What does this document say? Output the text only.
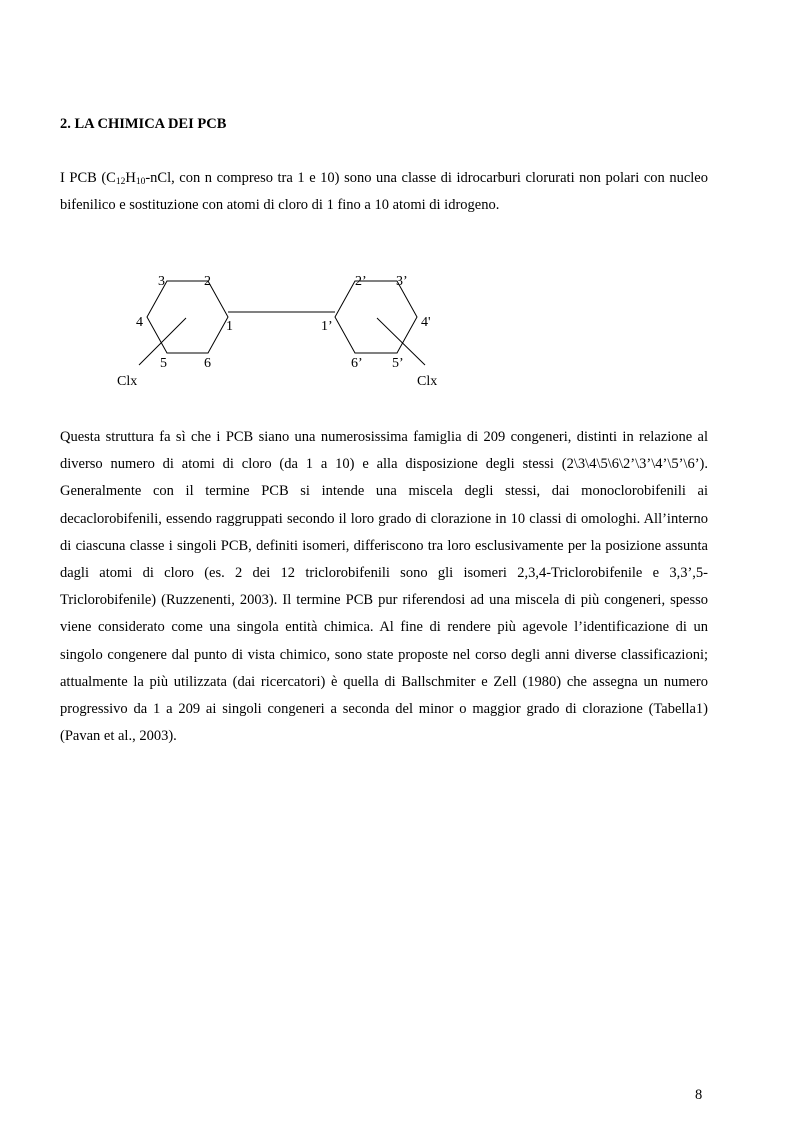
2. LA CHIMICA DEI PCB

I PCB ($C_{12}H_{10}$-nCl, con n compreso tra 1 e 10) sono una classe di idrocarburi clorurati non polari con nucleo bifenilico e sostituzione con atomi di cloro di 1 fino a 10 atomi di idrogeno.

3	2
4	1
5	6
Clx
2’ 3’
1’	4'
6’ 5’
Clx

Questa struttura fa sì che i PCB siano una numerosissima famiglia di 209 congeneri, distinti in relazione al diverso numero di atomi di cloro (da 1 a 10) e alla disposizione degli stessi (2\3\4\5\6\2’\3’\4’\5’\6’). Generalmente con il termine PCB si intende una miscela degli stessi, dai monoclorobifenili ai decaclorobifenili, essendo raggruppati secondo il loro grado di clorazione in 10 classi di omologhi. All’interno di ciascuna classe i singoli PCB, definiti isomeri, differiscono tra loro esclusivamente per la posizione assunta dagli atomi di cloro (es. 2 dei 12 triclorobifenili sono gli isomeri 2,3,4-Triclorobifenile e 3,3’,5- Triclorobifenile) (Ruzzenenti, 2003). Il termine PCB pur riferendosi ad una miscela di più congeneri, spesso viene considerato come una singola entità chimica. Al fine di rendere più agevole l’identificazione di un singolo congenere dal punto di vista chimico, sono state proposte nel corso degli anni diverse classificazioni; attualmente la più utilizzata (dai ricercatori) è quella di Ballschmiter e Zell (1980) che assegna un numero progressivo da 1 a 209 ai singoli congeneri a seconda del minor o maggior grado di clorazione (Tabella1) (Pavan et al., 2003).

8
